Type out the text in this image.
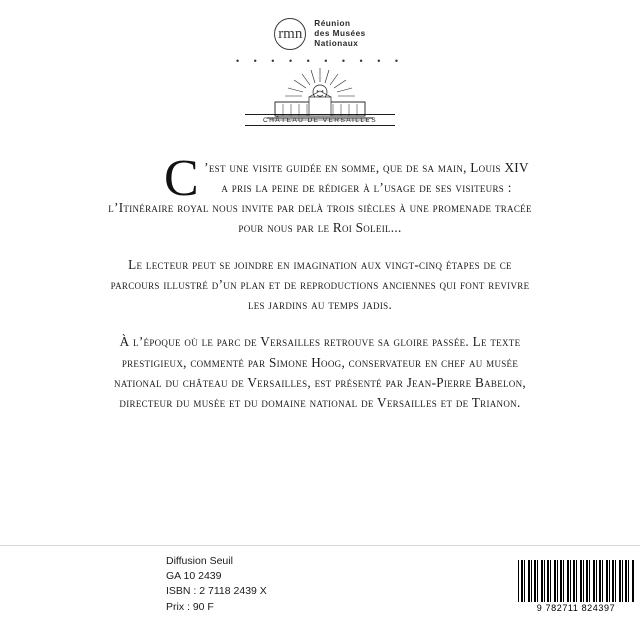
rmn
Réunion
des Musées
Nationaux
• • • • • • • • • •
CHÂTEAU DE VERSAILLES

C ’est une visite guidée en somme, que de sa main, Louis XIV a pris la peine de rédiger à l’usage de ses visiteurs : l’Itinéraire royal nous invite par delà trois siècles à une promenade tracée pour nous par le Roi Soleil...

Le lecteur peut se joindre en imagination aux vingt-cinq étapes de ce parcours illustré d’un plan et de reproductions anciennes qui font revivre les jardins au temps jadis.

À l’époque où le parc de Versailles retrouve sa gloire passée. Le texte prestigieux, commenté par Simone Hoog, conservateur en chef au musée national du château de Versailles, est présenté par Jean-Pierre Babelon, directeur du musée et du domaine national de Versailles et de Trianon.

Diffusion Seuil
GA 10 2439
ISBN : 2 7118 2439 X
Prix : 90 F	9 782711 824397
